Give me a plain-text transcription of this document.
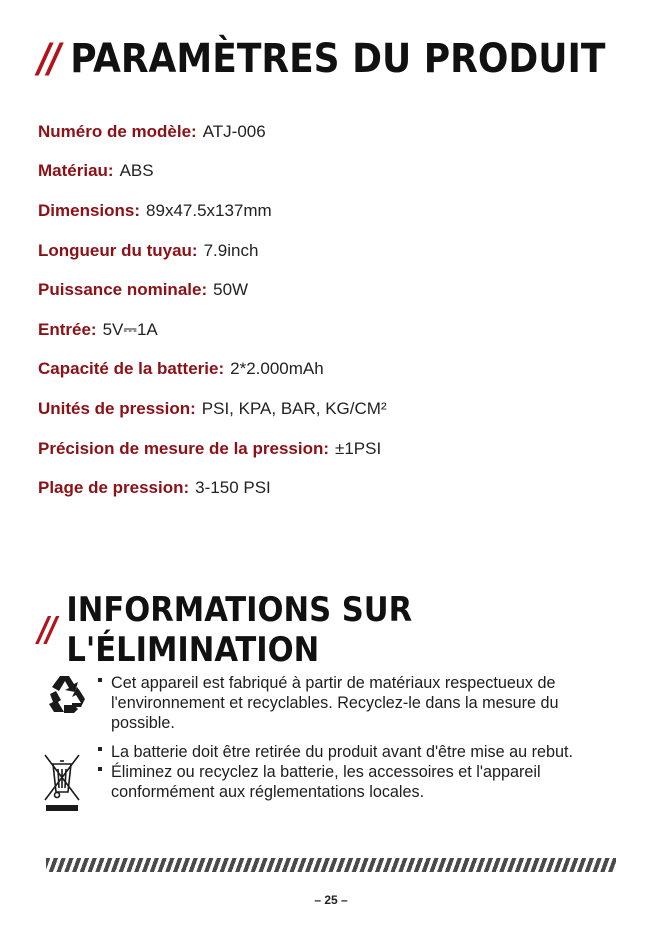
// PARAMÈTRES DU PRODUIT
Numéro de modèle: ATJ-006
Matériau: ABS
Dimensions: 89x47.5x137mm
Longueur du tuyau: 7.9inch
Puissance nominale: 50W
Entrée: 5V⎓1A
Capacité de la batterie: 2*2.000mAh
Unités de pression: PSI, KPA, BAR, KG/CM²
Précision de mesure de la pression: ±1PSI
Plage de pression: 3-150 PSI
// INFORMATIONS SUR L'ÉLIMINATION
Cet appareil est fabriqué à partir de matériaux respectueux de l'environnement et recyclables. Recyclez-le dans la mesure du possible.
La batterie doit être retirée du produit avant d'être mise au rebut.
Éliminez ou recyclez la batterie, les accessoires et l'appareil conformément aux réglementations locales.
– 25 –
